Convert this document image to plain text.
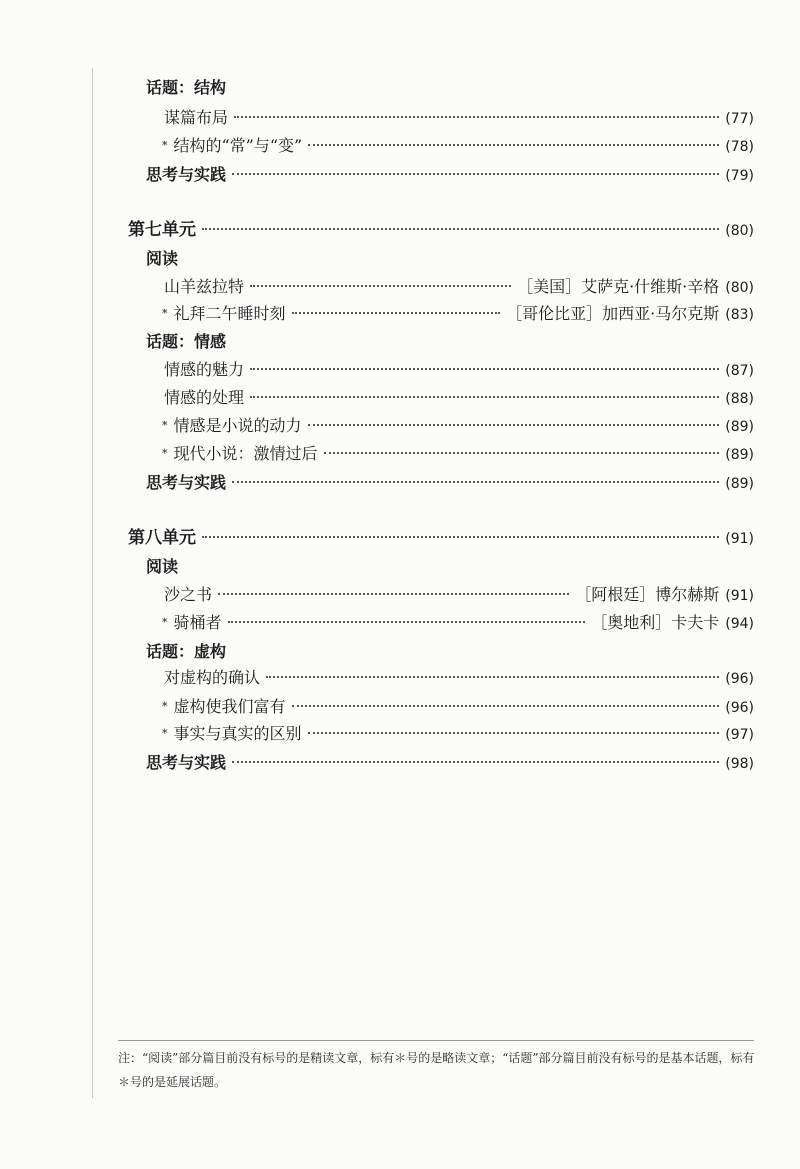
话题：结构
谋篇布局	(77)
* 结构的“常”与“变”	(78)
思考与实践	(79)
第七单元	(80)
阅读
山羊兹拉特	［美国］艾萨克·什维斯·辛格 (80)
* 礼拜二午睡时刻	［哥伦比亚］加西亚·马尔克斯 (83)
话题：情感
情感的魅力	(87)
情感的处理	(88)
* 情感是小说的动力	(89)
* 现代小说：激情过后	(89)
思考与实践	(89)
第八单元	(91)
阅读
沙之书	［阿根廷］博尔赫斯 (91)
* 骑桶者	［奥地利］卡夫卡 (94)
话题：虚构
对虚构的确认	(96)
* 虚构使我们富有	(96)
* 事实与真实的区别	(97)
思考与实践	(98)
注：“阅读”部分篇目前没有标号的是精读文章，标有＊号的是略读文章；“话题”部分篇目前没有标号的是基本话题，标有＊号的是延展话题。
